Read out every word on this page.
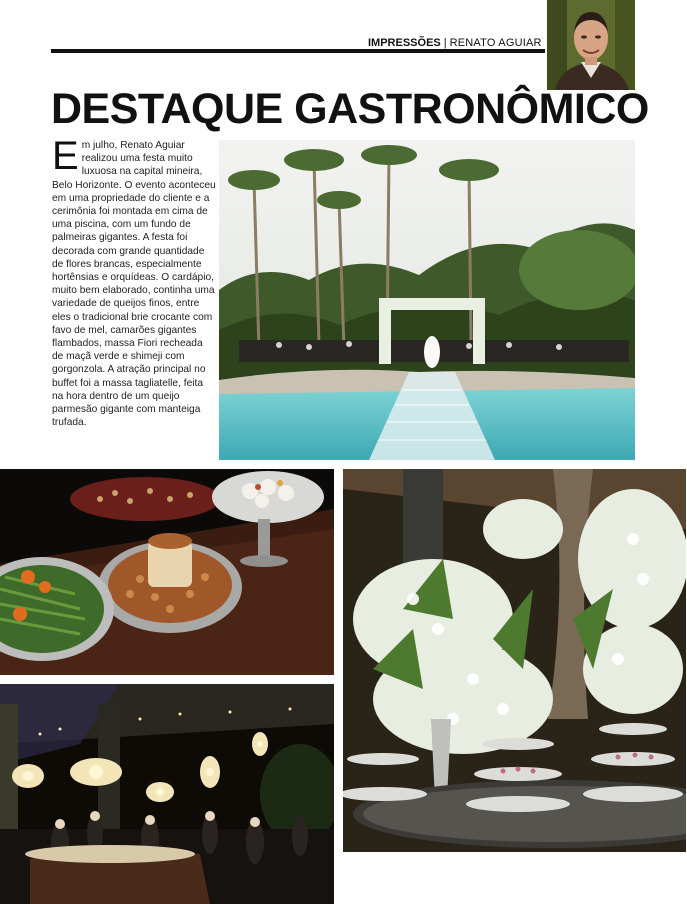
IMPRESSÕES | RENATO AGUIAR
DESTAQUE GASTRONÔMICO
Em julho, Renato Aguiar realizou uma festa muito luxuosa na capital mineira, Belo Horizonte. O evento aconteceu em uma propriedade do cliente e a cerimônia foi montada em cima de uma piscina, com um fundo de palmeiras gigantes. A festa foi decorada com grande quantidade de flores brancas, especialmente hortênsias e orquídeas. O cardápio, muito bem elaborado, continha uma variedade de queijos finos, entre eles o tradicional brie crocante com favo de mel, camarões gigantes flambados, massa Fiori recheada de maçã verde e shimeji com gorgonzola. A atração principal no buffet foi a massa tagliatelle, feita na hora dentro de um queijo parmesão gigante com manteiga trufada.
